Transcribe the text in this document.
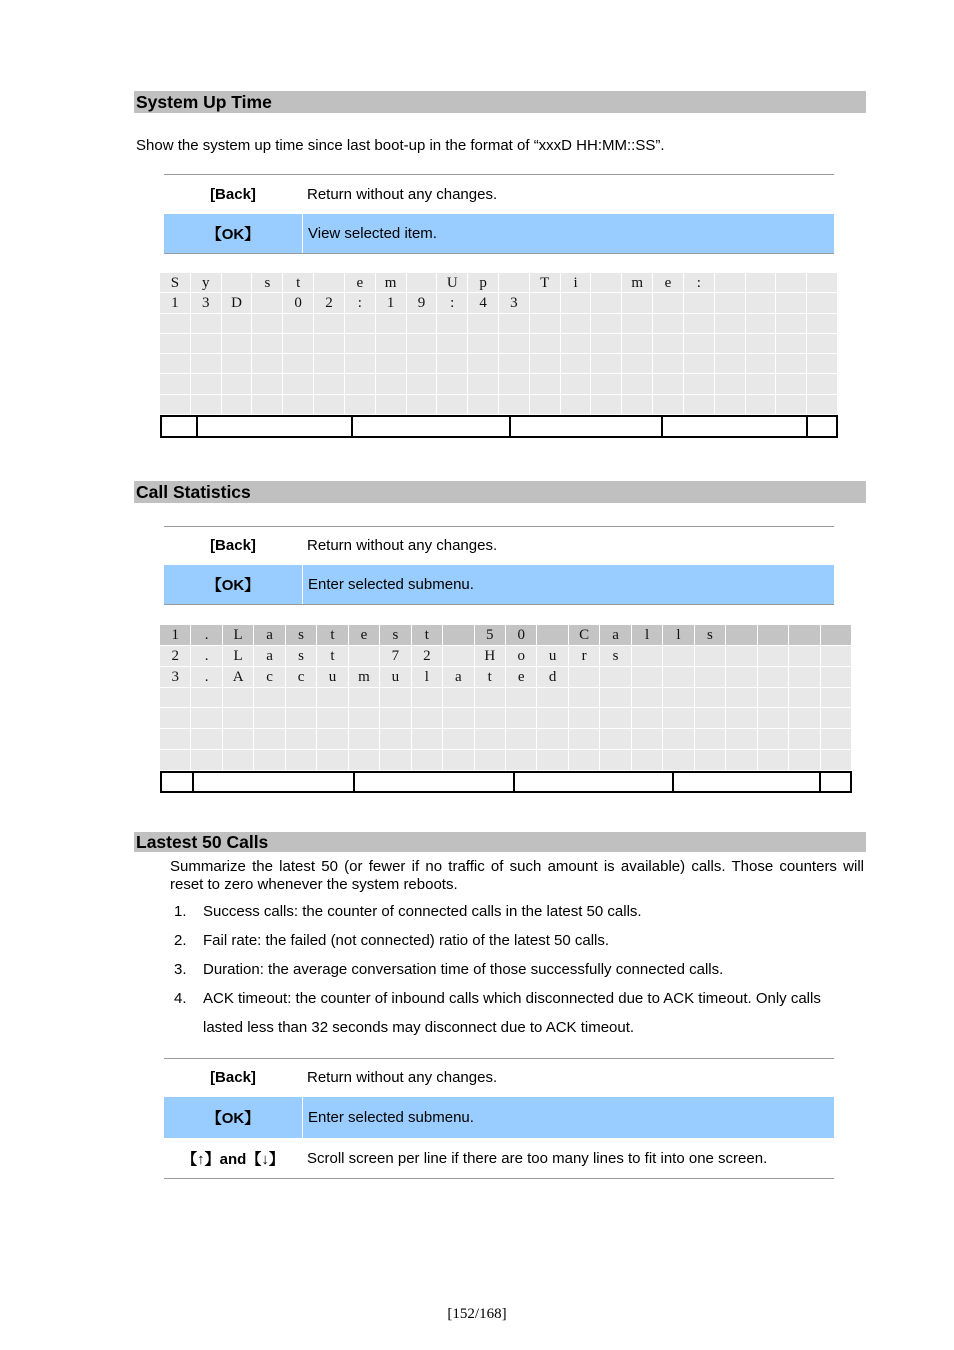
System Up Time
Show the system up time since last boot-up in the format of “xxxD HH:MM::SS”.
[Back]	Return without any changes.
【OK】	View selected item.
S	y	s	t	e	m	U	p	T	i	m	e	:
1	3	D	0	2	:	1	9	:	4	3
Call Statistics
[Back]	Return without any changes.
【OK】	Enter selected submenu.
1	.	L	a	s	t	e	s	t	5	0	C	a	l	l	s
2	.	L	a	s	t	7	2	H	o	u	r	s
3	.	A	c	c	u	m	u	l	a	t	e	d
Lastest 50 Calls
Summarize the latest 50 (or fewer if no traffic of such amount is available) calls. Those counters will reset to zero whenever the system reboots.
1. Success calls: the counter of connected calls in the latest 50 calls.
2. Fail rate: the failed (not connected) ratio of the latest 50 calls.
3. Duration: the average conversation time of those successfully connected calls.
4. ACK timeout: the counter of inbound calls which disconnected due to ACK timeout. Only calls lasted less than 32 seconds may disconnect due to ACK timeout.
[Back]	Return without any changes.
【OK】	Enter selected submenu.
【↑】and【↓】	Scroll screen per line if there are too many lines to fit into one screen.
[152/168]
